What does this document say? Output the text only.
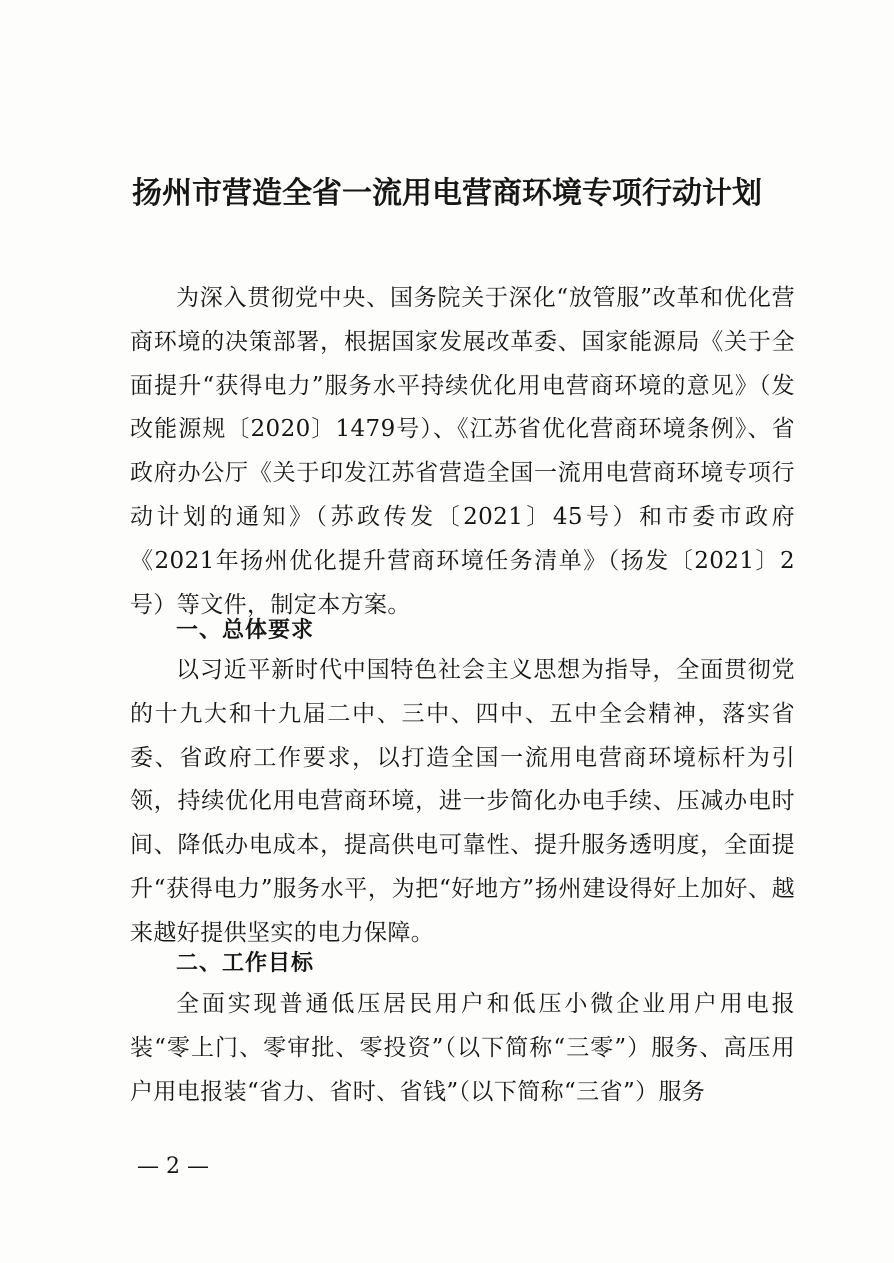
扬州市营造全省一流用电营商环境专项行动计划

为深入贯彻党中央、国务院关于深化“放管服”改革和优化营商环境的决策部署，根据国家发展改革委、国家能源局《关于全面提升“获得电力”服务水平持续优化用电营商环境的意见》（发改能源规〔2020〕1479号）、《江苏省优化营商环境条例》、省政府办公厅《关于印发江苏省营造全国一流用电营商环境专项行动计划的通知》（苏政传发〔2021〕45号）和市委市政府《2021年扬州优化提升营商环境任务清单》（扬发〔2021〕2号）等文件，制定本方案。

一、总体要求

以习近平新时代中国特色社会主义思想为指导，全面贯彻党的十九大和十九届二中、三中、四中、五中全会精神，落实省委、省政府工作要求，以打造全国一流用电营商环境标杆为引领，持续优化用电营商环境，进一步简化办电手续、压减办电时间、降低办电成本，提高供电可靠性、提升服务透明度，全面提升“获得电力”服务水平，为把“好地方”扬州建设得好上加好、越来越好提供坚实的电力保障。

二、工作目标

全面实现普通低压居民用户和低压小微企业用户用电报装“零上门、零审批、零投资”（以下简称“三零”）服务、高压用户用电报装“省力、省时、省钱”（以下简称“三省”）服务

— 2 —
